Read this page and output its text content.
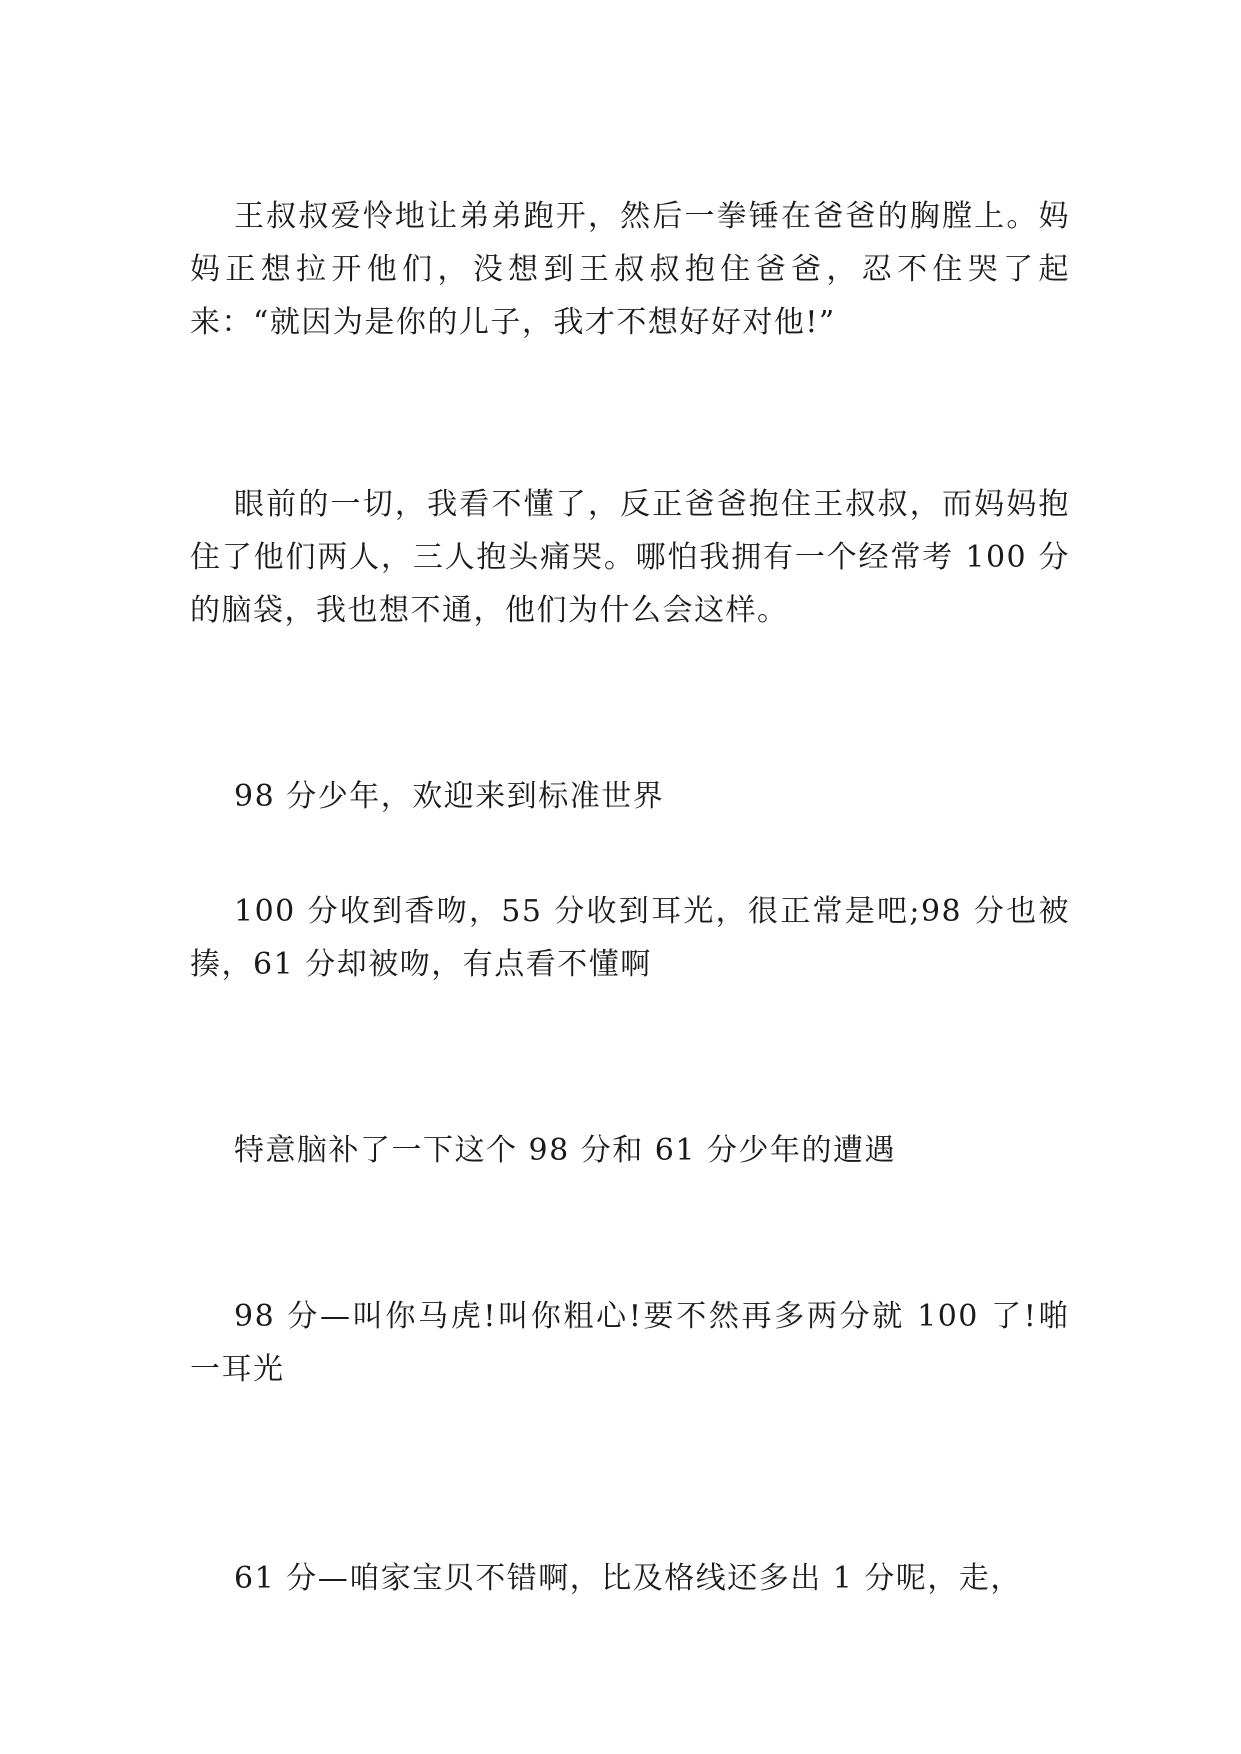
王叔叔爱怜地让弟弟跑开，然后一拳锤在爸爸的胸膛上。妈妈正想拉开他们，没想到王叔叔抱住爸爸，忍不住哭了起来：“就因为是你的儿子，我才不想好好对他!”

眼前的一切，我看不懂了，反正爸爸抱住王叔叔，而妈妈抱住了他们两人，三人抱头痛哭。哪怕我拥有一个经常考 100 分的脑袋，我也想不通，他们为什么会这样。

98 分少年，欢迎来到标准世界

100 分收到香吻，55 分收到耳光，很正常是吧;98 分也被揍，61 分却被吻，有点看不懂啊

特意脑补了一下这个 98 分和 61 分少年的遭遇

98 分—叫你马虎!叫你粗心!要不然再多两分就 100 了!啪一耳光

61 分—咱家宝贝不错啊，比及格线还多出 1 分呢，走，
